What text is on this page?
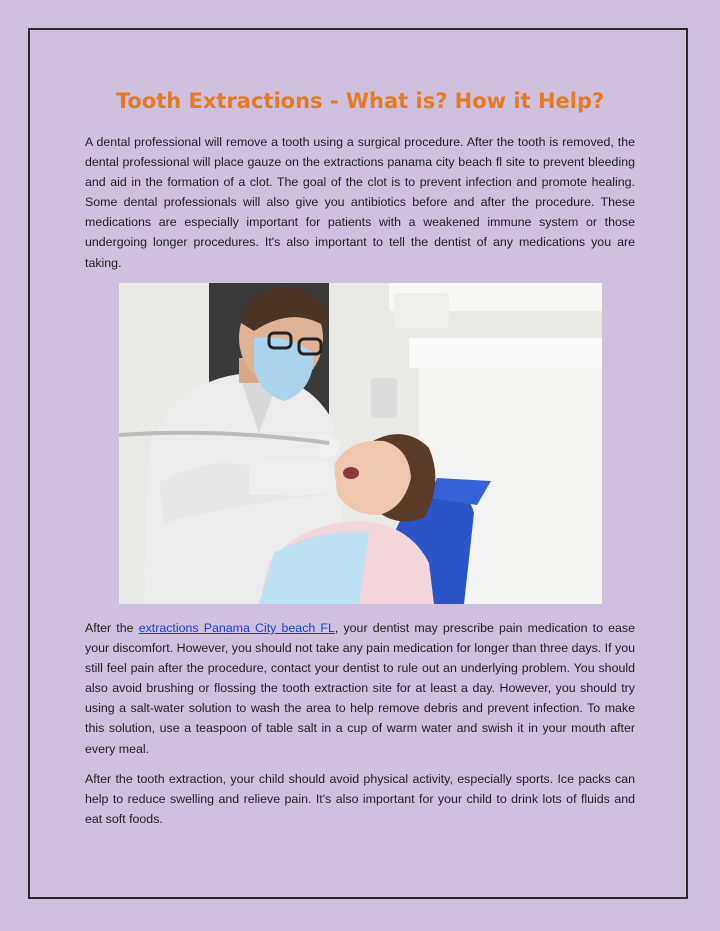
Tooth Extractions - What is? How it Help?

A dental professional will remove a tooth using a surgical procedure. After the tooth is removed, the dental professional will place gauze on the extractions panama city beach fl site to prevent bleeding and aid in the formation of a clot. The goal of the clot is to prevent infection and promote healing. Some dental professionals will also give you antibiotics before and after the procedure. These medications are especially important for patients with a weakened immune system or those undergoing longer procedures. It's also important to tell the dentist of any medications you are taking.

After the extractions Panama City beach FL, your dentist may prescribe pain medication to ease your discomfort. However, you should not take any pain medication for longer than three days. If you still feel pain after the procedure, contact your dentist to rule out an underlying problem. You should also avoid brushing or flossing the tooth extraction site for at least a day. However, you should try using a salt-water solution to wash the area to help remove debris and prevent infection. To make this solution, use a teaspoon of table salt in a cup of warm water and swish it in your mouth after every meal.

After the tooth extraction, your child should avoid physical activity, especially sports. Ice packs can help to reduce swelling and relieve pain. It's also important for your child to drink lots of fluids and eat soft foods.
